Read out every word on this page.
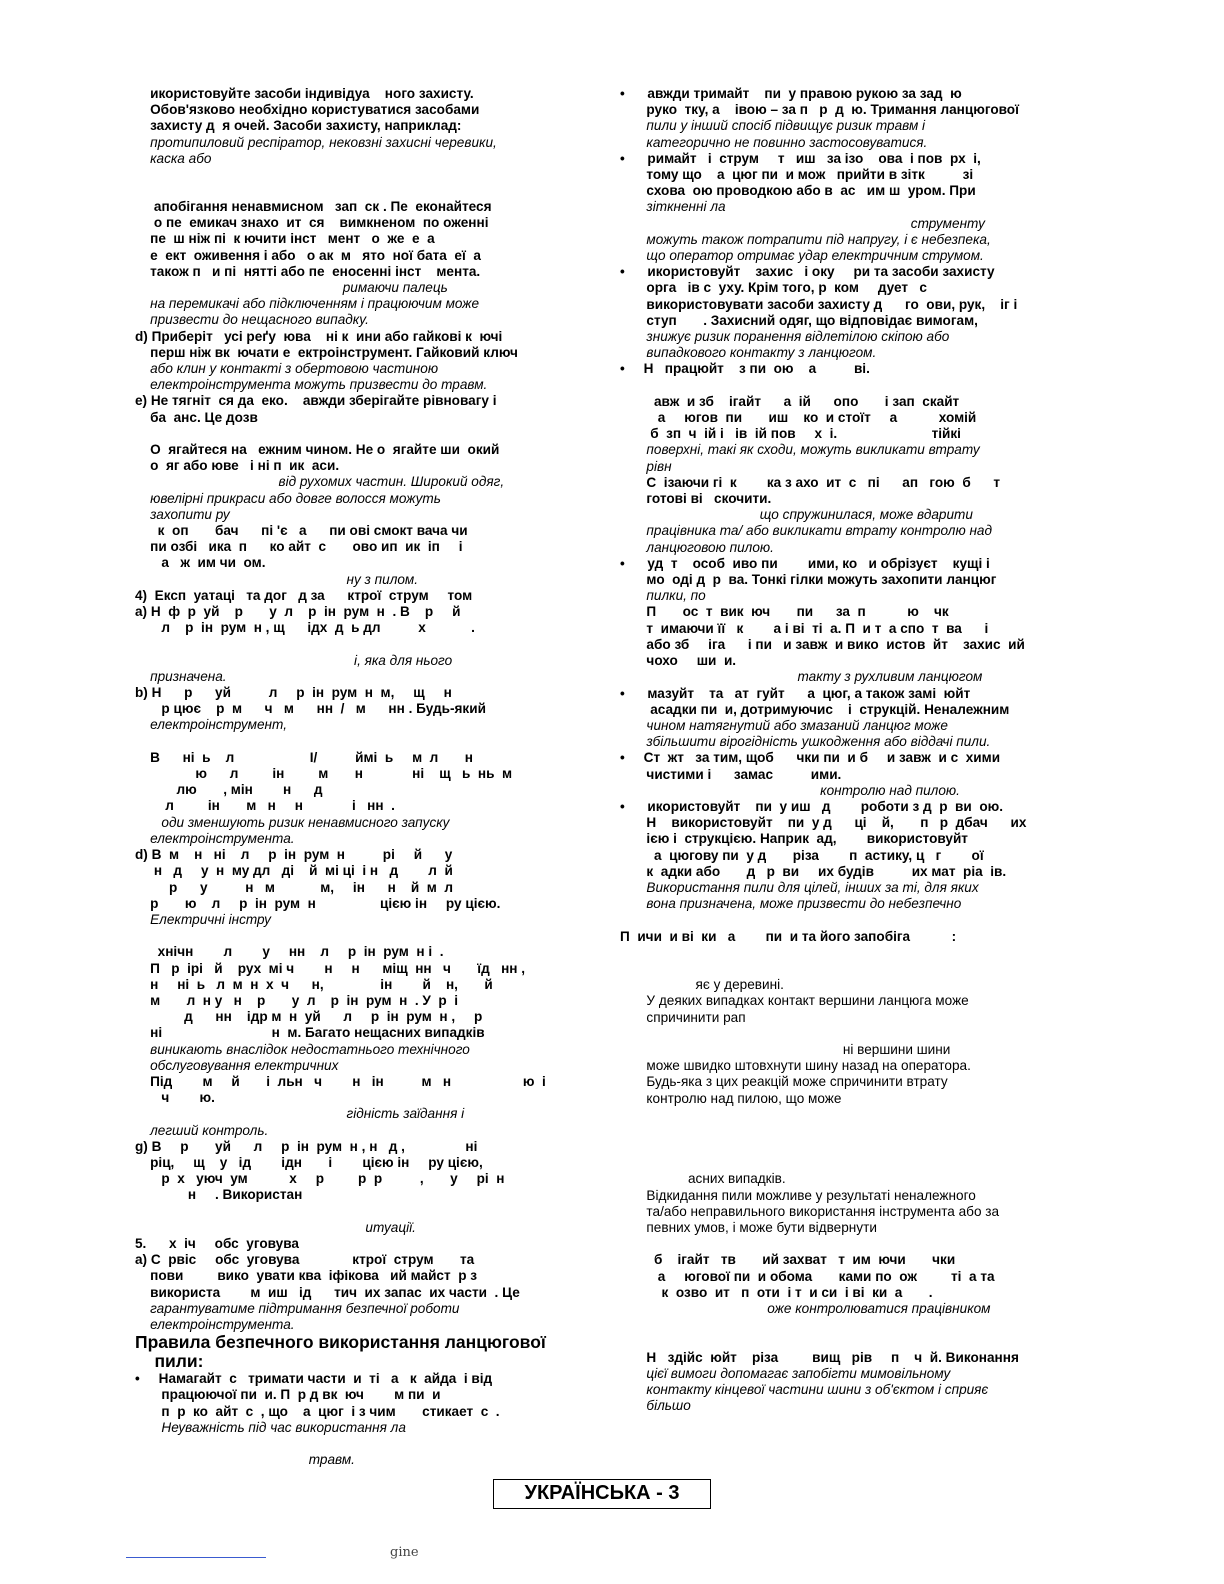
икористовуйте засоби індивідуа    ного захисту.
Обов'язково необхідно користуватися засобами
захисту д  я очей. Засоби захисту, наприклад:
протипиловий респіратор, нековзні захисні черевики,
каска або
апобігання ненавмисном   зап  ск . Пе  еконайтеся
о пе  емикач знахо  ит  ся    вимкненом  по оженні
пе  ш ніж пі  к ючити інст   мент   о  же  е  а
е  ект  оживення і або   о ак  м   ято  ної бата  еї  а
також п   и пі  нятті або пе  еносенні інст    мента.
римаючи палець
на перемикачі або підключенням і працюючим може
призвести до нещасного випадку.
d) Приберіт   усі реґу  юва    ні к  ини або гайкові к  ючі
перш ніж вк  ючати е  ектроінструмент. Гайковий ключ
або клин у контакті з обертовою частиною
електроінструмента можуть призвести до травм.
e) Не тягніт  ся да  еко.    авжди зберігайте рівновагу і
ба  анс. Це дозв
О  ягайтеся на   ежним чином. Не о  ягайте ши  окий
о  яг або юве   і ні п  ик  аси.
від рухомих частин. Широкий одяг,
ювелірні прикраси або довге волосся можуть
захопити ру
к  оп       бач      пі 'є   а      пи ові смокт вача чи
пи озбі   ика  п      ко айт  с       ово ип  ик  іп     і
а   ж  им чи  ом.
ну з пилом.
4)  Експ  уатаці   та дог   д за      ктрої  струм     том
a) Н  ф  р  уй    р       у  л    р  ін  рум  н  . В    р     й
л    р  ін  рум  н , щ      ідх  д  ь дл          х            .
і, яка для нього
призначена.
b) Н      р      уй          л     р  ін  рум  н  м,     щ     н
р цює    р  м      ч   м      нн  /   м      нн . Будь-який
електроінструмент,
В      ні  ь    л                    I/          ймі  ь     м  л       н
ю      л         ін         м       н             ні    щ   ь  нь  м
лю       , мін        н      д
л         ін       м   н     н             і   нн  .
оди зменшують ризик ненавмисного запуску
електроінструмента.
d) В  м    н   ні    л     р  ін  рум  н          рі     й      у
н   д     у  н  му дл   ді    й  мі ці  і н   д        л  й
р      у          н   м            м,     ін      н    й  м  л
р       ю    л     р  ін  рум  н                 цією ін     ру цією.
Електричні інстру
хнічн        л        у     нн    л     р  ін  рум  н і  .
П   р  ірі   й    рух  мі ч        н     н      міщ  нн   ч       їд   нн ,
н     ні  ь   л  м  н  х  ч      н,               ін        й    н,       й
м       л  н у   н    р       у  л    р  ін  рум  н  . У  р  і
д      нн    ідр м  н  уй      л     р  ін  рум  н ,     р
ні                             н  м. Багато нещасних випадків
виникають внаслідок недостатнього технічного
обслуговування електричних
Під        м     й       і  льн   ч        н   ін          м   н                   ю  і
ч        ю.
гідність заїдання і
легший контроль.
g) В     р       уй      л     р  ін  рум  н , н   д ,                ні
ріц,     щ    у   ід        ідн       і        цією ін     ру цією,
р  х   уюч  ум           х     р         р  р          ,       у     рі  н
н     . Використан
итуації.
5.      х  іч     обс  уговува
a) С  рвіс     обс  уговува              ктрої  струм       та
пови         вико  увати ква  іфікова   ий майст  р з
використа        м  иш   ід      тич  их запас  их части  . Це
гарантуватиме підтримання безпечної роботи
електроінструмента.
Правила безпечного використання ланцюгової
пили:
•     Намагайт  с   тримати части  и  ті   а   к  айда  і від
працюючої пи  и. П  р д вк  юч        м пи  и
п  р  ко  айт  с  , що    а  цюг  і з чим       стикает  с  .
Неуважність під час використання ла
травм.
•      авжди тримайт    пи  у правою рукою за зад  ю
руко  тку, а    івою – за п   р  д  ю. Тримання ланцюгової
пили у інший спосіб підвищує ризик травм і
категорично не повинно застосовуватися.
•      римайт   і  струм     т   иш   за ізо    ова  і пов  рх  і,
тому що    а  цюг пи  и мож   прийти в зітк          зі
схова  ою проводкою або в  ас   им ш  уром. При
зіткненні ла
струменту
можуть також потрапити під напругу, і є небезпека,
що оператор отримає удар електричним струмом.
•      икористовуйт    захис   і оку     ри та засоби захисту
орга   ів с  уху. Крім того, р  ком     дует   с
використовувати засоби захисту д      го  ови, рук,    іг і
ступ       . Захисний одяг, що відповідає вимогам,
знижує ризик поранення відлетілою скіпою або
випадкового контакту з ланцюгом.
•     Н   працюйт    з пи  ою    а          ві.
авж  и зб    ігайт      а  ій      опо       і зап  скайт
а     югов  пи       иш    ко  и стоїт     а           хомій
б  зп  ч  ій і   ів  ій пов     х  і.                         тійкі
поверхні, такі як сходи, можуть викликати втрату
рівн
С  ізаючи гі  к        ка з ахо  ит  с   пі      ап   гою  б      т
готові ві   скочити.
що спружинилася, може вдарити
працівника та/ або викликати втрату контролю над
ланцюговою пилою.
•      уд  т    особ  иво пи        ими, ко   и обрізуєт    кущі і
мо  оді д  р  ва. Тонкі гілки можуть захопити ланцюг
пилки, по
П       ос  т  вик  юч       пи      за  п           ю    чк
т  имаючи її   к        а і ві  ті  а. П  и т  а спо  т  ва      і
або зб     іга      і пи   и завж  и вико  истов  йт    захис  ий
чохо     ши  и.
такту з рухливим ланцюгом
•      мазуйт    та   ат  гуйт      а  цюг, а також замі  юйт
асадки пи  и, дотримуючис    і  струкцій. Неналежним
чином натягнутий або змазаний ланцюг може
збільшити вірогідність ушкодження або віддачі пили.
•     Ст  жт   за тим, щоб      чки пи  и б     и завж  и с  хими
чистими і      замас          ими.
контролю над пилою.
•      икористовуйт    пи  у иш   д        роботи з д  р  ви  ою.
Н    використовуйт    пи  у д      ці    й,       п   р  дбач      их
ією і  струкцією. Наприк  ад,        використовуйт
а  цюгову пи  у д       різа        п  астику, ц   г        ої
к  адки або       д   р  ви     их будів          их мат  ріа  ів.
Використання пили для цілей, інших за ті, для яких
вона призначена, може призвести до небезпечно
П  ичи  и ві  ки   а        пи  и та його запобіга           :
яє у деревині.
У деяких випадках контакт вершини ланцюга може
спричинити рап
ні вершини шини
може швидко штовхнути шину назад на оператора.
Будь-яка з цих реакцій може спричинити втрату
контролю над пилою, що може
асних випадків.
Відкидання пили можливе у результаті неналежного
та/або неправильного використання інструмента або за
певних умов, і може бути відвернути
б    ігайт   тв       ий захват   т  им  ючи       чки
а     югової пи  и обома       ками по  ож         ті  а та
к  озво  ит   п  оти  і т  и си  і ві  ки  а       .
оже контролюватися працівником
Н   здійс  юйт    різа         вищ   рів     п    ч  й. Виконання
цієї вимоги допомагає запобігти мимовільному
контакту кінцевої частини шини з об'єктом і сприяє
більшо
УКРАЇНСЬКА - 3
gine
